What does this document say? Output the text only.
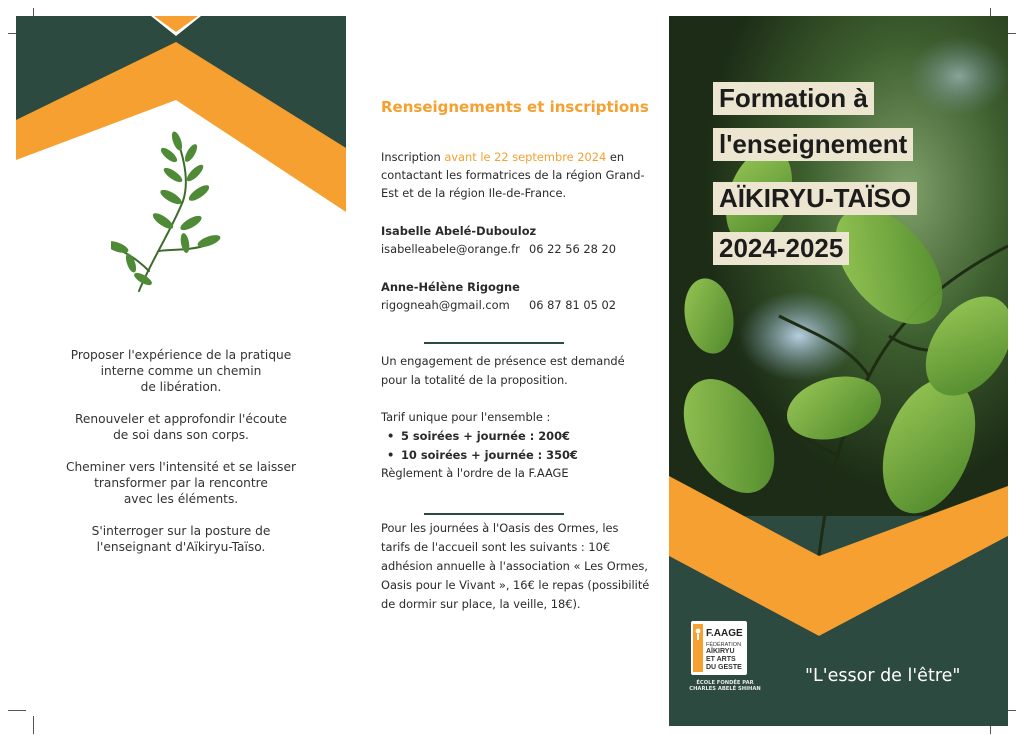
Proposer l'expérience de la pratique
interne comme un chemin
de libération.
Renouveler et approfondir l'écoute
de soi dans son corps.
Cheminer vers l'intensité et se laisser
transformer par la rencontre
avec les éléments.
S'interroger sur la posture de
l'enseignant d'Aïkiryu-Taïso.
Renseignements et inscriptions
Inscription avant le 22 septembre 2024 en
contactant les formatrices de la région Grand-
Est et de la région Ile-de-France.
Isabelle Abelé-Dubouloz
isabelleabele@orange.fr 06 22 56 28 20
Anne-Hélène Rigogne
rigogneah@gmail.com 06 87 81 05 02
Un engagement de présence est demandé
pour la totalité de la proposition.
Tarif unique pour l'ensemble :
• 5 soirées + journée : 200€
• 10 soirées + journée : 350€
Règlement à l'ordre de la F.AAGE
Pour les journées à l'Oasis des Ormes, les
tarifs de l'accueil sont les suivants : 10€
adhésion annuelle à l'association « Les Ormes,
Oasis pour le Vivant », 16€ le repas (possibilité
de dormir sur place, la veille, 18€).
Formation à
l'enseignement
AÏKIRYU-TAÏSO
2024-2025
F.AAGE
FÉDÉRATION
AÏKIRYU
ET ARTS
DU GESTE
ÉCOLE FONDÉE PAR
CHARLES ABELÉ SHIHAN
"L'essor de l'être"
